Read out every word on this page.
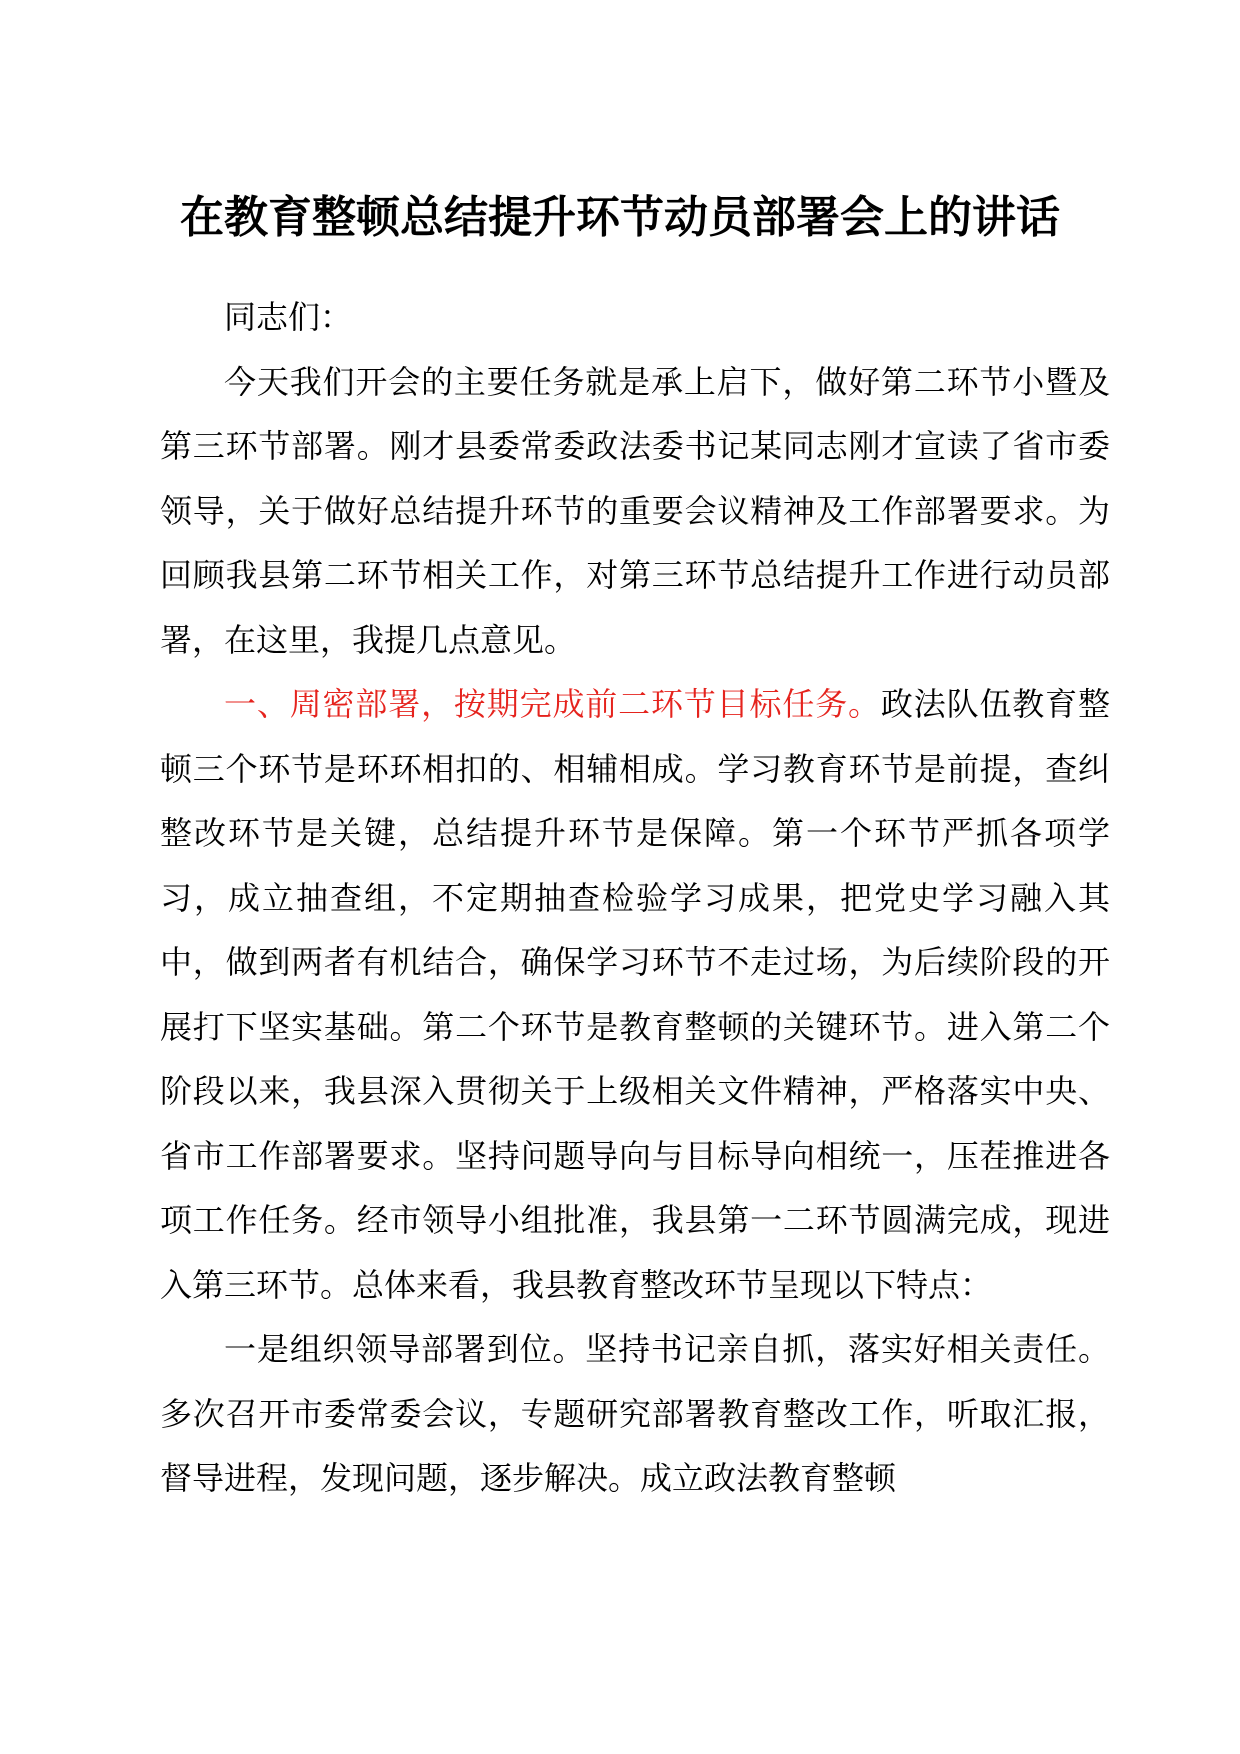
在教育整顿总结提升环节动员部署会上的讲话

同志们：

今天我们开会的主要任务就是承上启下，做好第二环节小暨及第三环节部署。刚才县委常委政法委书记某同志刚才宣读了省市委领导，关于做好总结提升环节的重要会议精神及工作部署要求。为回顾我县第二环节相关工作，对第三环节总结提升工作进行动员部署，在这里，我提几点意见。

一、周密部署，按期完成前二环节目标任务。政法队伍教育整顿三个环节是环环相扣的、相辅相成。学习教育环节是前提，查纠整改环节是关键，总结提升环节是保障。第一个环节严抓各项学习，成立抽查组，不定期抽查检验学习成果，把党史学习融入其中，做到两者有机结合，确保学习环节不走过场，为后续阶段的开展打下坚实基础。第二个环节是教育整顿的关键环节。进入第二个阶段以来，我县深入贯彻关于上级相关文件精神，严格落实中央、省市工作部署要求。坚持问题导向与目标导向相统一，压茬推进各项工作任务。经市领导小组批准，我县第一二环节圆满完成，现进入第三环节。总体来看，我县教育整改环节呈现以下特点：

一是组织领导部署到位。坚持书记亲自抓，落实好相关责任。多次召开市委常委会议，专题研究部署教育整改工作，听取汇报，督导进程，发现问题，逐步解决。成立政法教育整顿
